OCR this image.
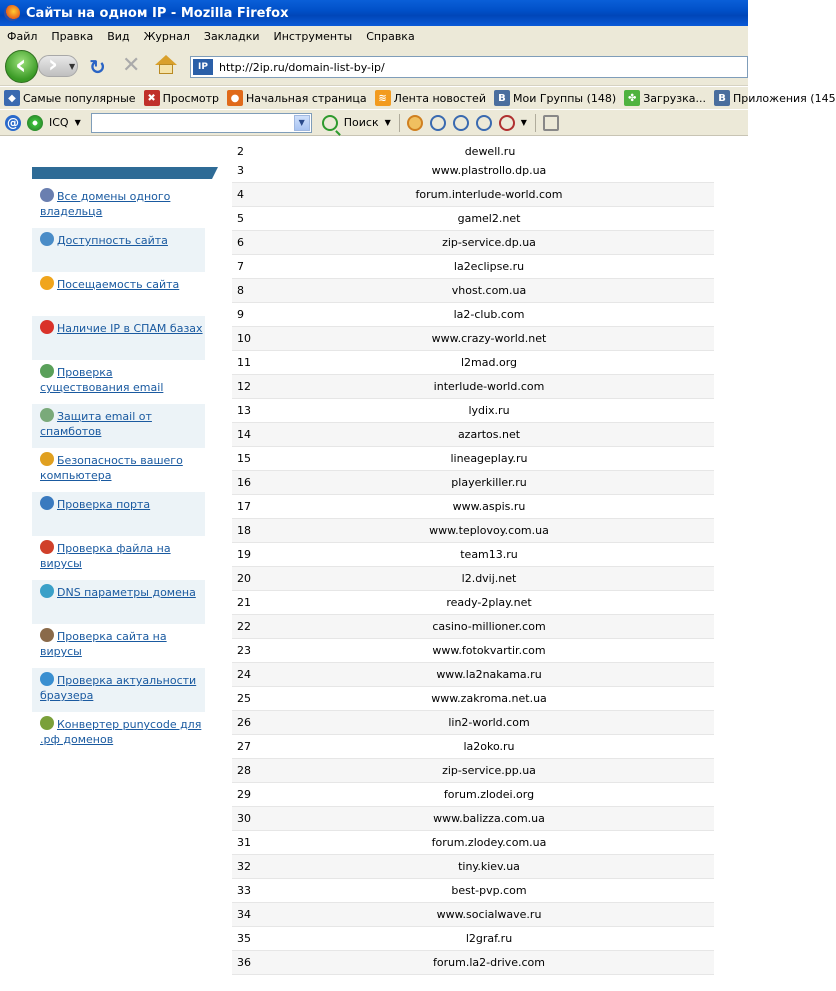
Сайты на одном IP - Mozilla Firefox
Файл	Правка	Вид	Журнал	Закладки	Инструменты	Справка
‹
›
▼ ↻ ✕	IP	http://2ip.ru/domain-list-by-ip/
◆ Самые популярные	✖ Просмотр	● Начальная страница	≋ Лента новостей	B Мои Группы (148)	✤ Загрузка...	B Приложения (145
@	ICQ ▼	▼	Поиск ▼	▼
Все домены одного владельца
Доступность сайта
Посещаемость сайта
Наличие IP в СПАМ базах
Проверка существования email
Защита email от спамботов
Безопасность вашего компьютера
Проверка порта
Проверка файла на вирусы
DNS параметры домена
Проверка сайта на вирусы
Проверка актуальности браузера
Конвертер punycode для .рф доменов
2	dewell.ru
3	www.plastrollo.dp.ua
4	forum.interlude-world.com
5	gamel2.net
6	zip-service.dp.ua
7	la2eclipse.ru
8	vhost.com.ua
9	la2-club.com
10	www.crazy-world.net
11	l2mad.org
12	interlude-world.com
13	lydix.ru
14	azartos.net
15	lineageplay.ru
16	playerkiller.ru
17	www.aspis.ru
18	www.teplovoy.com.ua
19	team13.ru
20	l2.dvij.net
21	ready-2play.net
22	casino-millioner.com
23	www.fotokvartir.com
24	www.la2nakama.ru
25	www.zakroma.net.ua
26	lin2-world.com
27	la2oko.ru
28	zip-service.pp.ua
29	forum.zlodei.org
30	www.balizza.com.ua
31	forum.zlodey.com.ua
32	tiny.kiev.ua
33	best-pvp.com
34	www.socialwave.ru
35	l2graf.ru
36	forum.la2-drive.com
